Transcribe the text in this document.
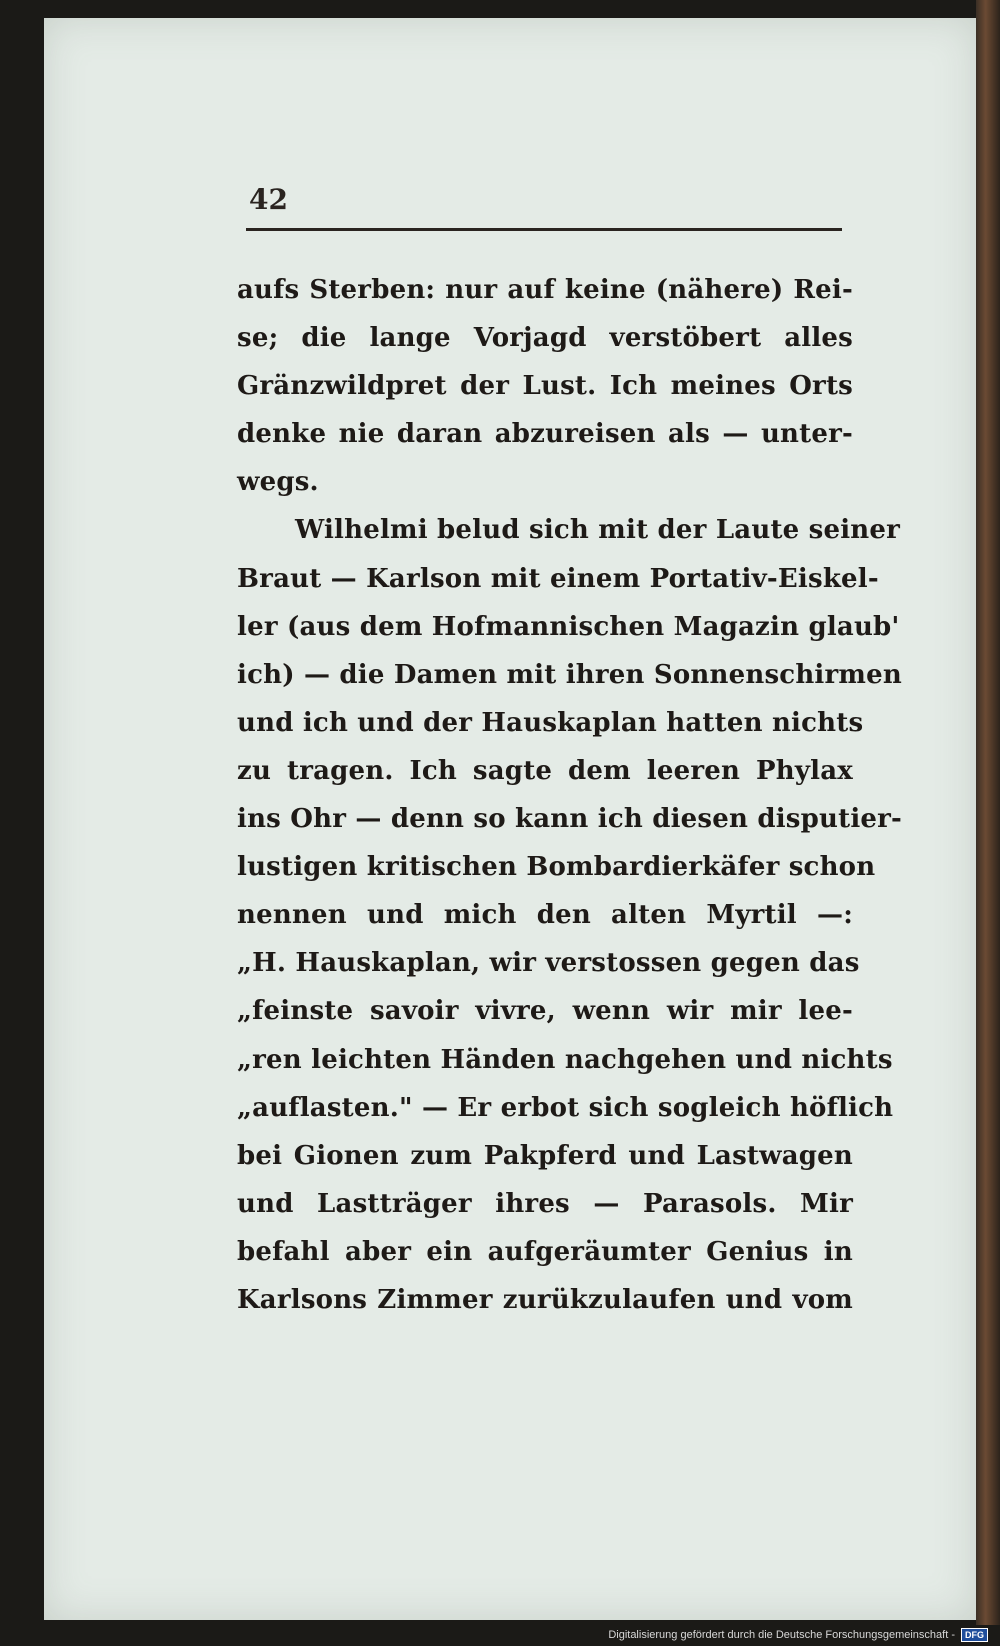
42
aufs Sterben: nur auf keine (nähere) Rei-
se; die lange Vorjagd verstöbert alles
Gränzwildpret der Lust. Ich meines Orts
denke nie daran abzureisen als — unter-
wegs.
Wilhelmi belud sich mit der Laute seiner
Braut — Karlson mit einem Portativ-Eiskel-
ler (aus dem Hofmannischen Magazin glaub'
ich) — die Damen mit ihren Sonnenschirmen
und ich und der Hauskaplan hatten nichts
zu tragen. Ich sagte dem leeren Phylax
ins Ohr — denn so kann ich diesen disputier-
lustigen kritischen Bombardierkäfer schon
nennen und mich den alten Myrtil —:
„H. Hauskaplan, wir verstossen gegen das
„feinste savoir vivre, wenn wir mir lee-
„ren leichten Händen nachgehen und nichts
„auflasten." — Er erbot sich sogleich höflich
bei Gionen zum Pakpferd und Lastwagen
und Lastträger ihres — Parasols. Mir
befahl aber ein aufgeräumter Genius in
Karlsons Zimmer zurükzulaufen und vom
Digitalisierung gefördert durch die Deutsche Forschungsgemeinschaft -	DFG
